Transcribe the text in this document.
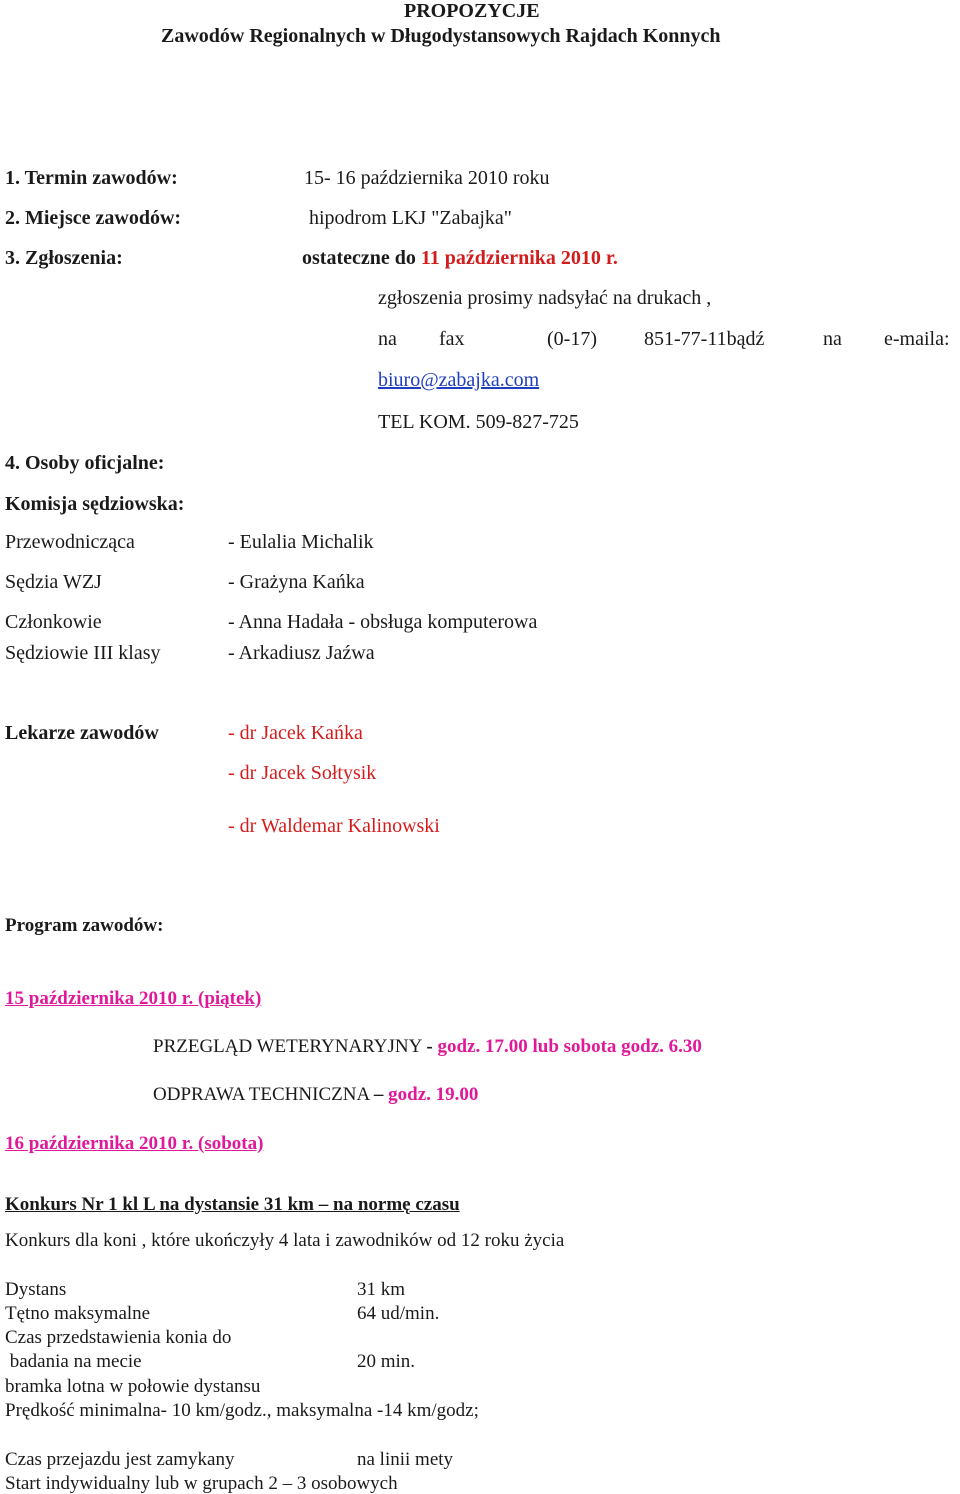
PROPOZYCJE
Zawodów Regionalnych w Długodystansowych Rajdach Konnych
1. Termin zawodów:	15- 16 października 2010 roku
2. Miejsce zawodów:	hipodrom LKJ "Zabajka"
3. Zgłoszenia:	ostateczne do 11 października 2010 r.
zgłoszenia prosimy nadsyłać na drukach ,
na fax	(0-17) 851-77-11bądź	na e-maila:
biuro@zabajka.com
TEL KOM. 509-827-725
4. Osoby oficjalne:
Komisja sędziowska:
Przewodnicząca	- Eulalia Michalik
Sędzia WZJ	- Grażyna Kańka
Członkowie	- Anna Hadała - obsługa komputerowa
Sędziowie III klasy	- Arkadiusz Jaźwa
Lekarze zawodów	- dr Jacek Kańka
- dr Jacek Sołtysik
- dr Waldemar Kalinowski
Program zawodów:
15 października 2010 r. (piątek)
PRZEGLĄD WETERYNARYJNY - godz. 17.00 lub sobota godz. 6.30
ODPRAWA TECHNICZNA – godz. 19.00
16 października 2010 r. (sobota)
Konkurs Nr 1 kl L na dystansie 31 km – na normę czasu
Konkurs dla koni , które ukończyły 4 lata i zawodników od 12 roku życia
Dystans	31 km
Tętno maksymalne	64 ud/min.
Czas przedstawienia konia do
badania na mecie	20 min.
bramka lotna w połowie dystansu
Prędkość minimalna- 10 km/godz., maksymalna -14 km/godz;
Czas przejazdu jest zamykany	na linii mety
Start indywidualny lub w grupach 2 – 3 osobowych
